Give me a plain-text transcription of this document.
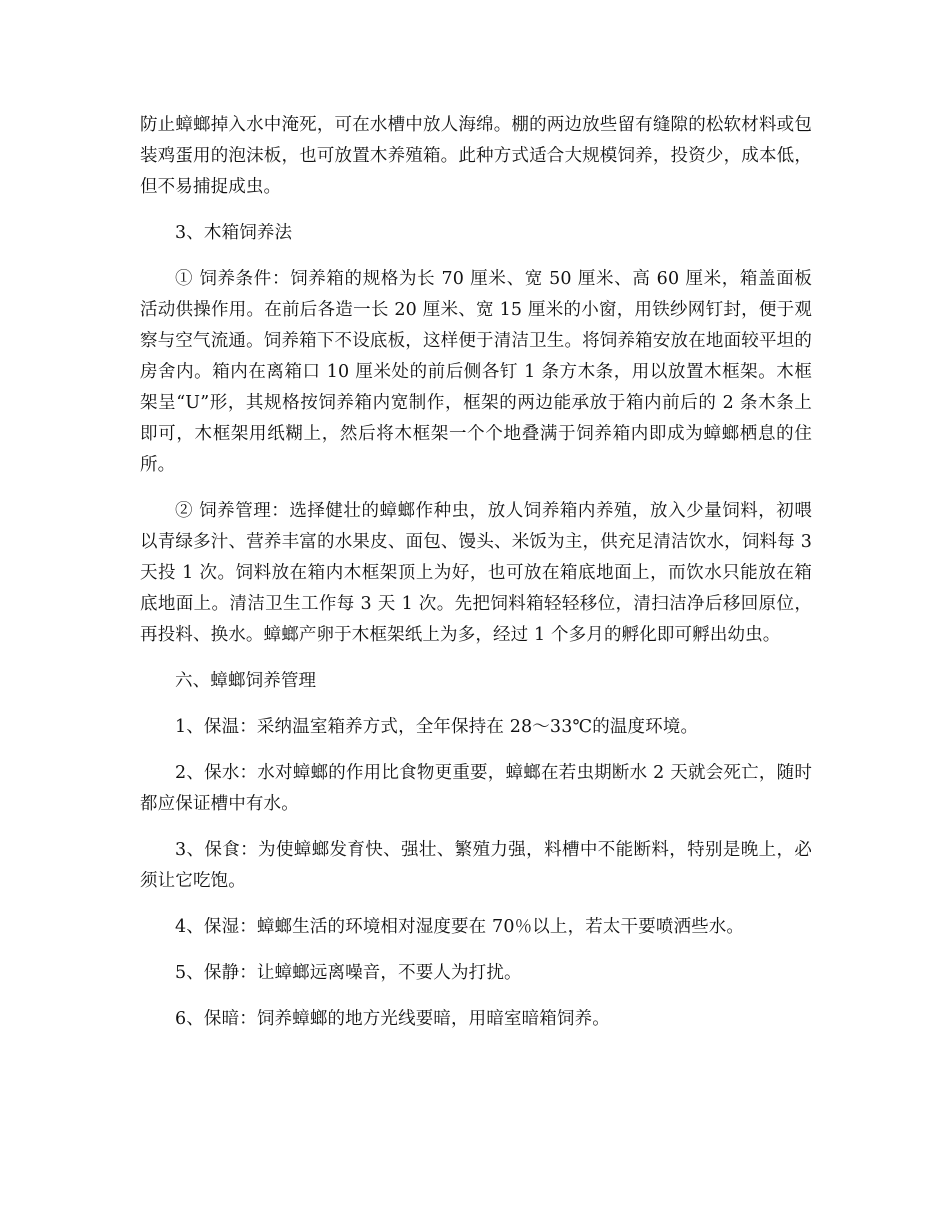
防止蟑螂掉入水中淹死，可在水槽中放人海绵。棚的两边放些留有缝隙的松软材料或包装鸡蛋用的泡沫板，也可放置木养殖箱。此种方式适合大规模饲养，投资少，成本低，但不易捕捉成虫。

3、木箱饲养法

① 饲养条件：饲养箱的规格为长 70 厘米、宽 50 厘米、高 60 厘米，箱盖面板活动供操作用。在前后各造一长 20 厘米、宽 15 厘米的小窗，用铁纱网钉封，便于观察与空气流通。饲养箱下不设底板，这样便于清洁卫生。将饲养箱安放在地面较平坦的房舍内。箱内在离箱口 10 厘米处的前后侧各钉 1 条方木条，用以放置木框架。木框架呈“U”形，其规格按饲养箱内宽制作，框架的两边能承放于箱内前后的 2 条木条上即可，木框架用纸糊上，然后将木框架一个个地叠满于饲养箱内即成为蟑螂栖息的住所。

② 饲养管理：选择健壮的蟑螂作种虫，放人饲养箱内养殖，放入少量饲料，初喂以青绿多汁、营养丰富的水果皮、面包、馒头、米饭为主，供充足清洁饮水，饲料每 3 天投 1 次。饲料放在箱内木框架顶上为好，也可放在箱底地面上，而饮水只能放在箱底地面上。清洁卫生工作每 3 天 1 次。先把饲料箱轻轻移位，清扫洁净后移回原位，再投料、换水。蟑螂产卵于木框架纸上为多，经过 1 个多月的孵化即可孵出幼虫。

六、蟑螂饲养管理

1、保温：采纳温室箱养方式，全年保持在 28～33℃的温度环境。

2、保水：水对蟑螂的作用比食物更重要，蟑螂在若虫期断水 2 天就会死亡，随时都应保证槽中有水。

3、保食：为使蟑螂发育快、强壮、繁殖力强，料槽中不能断料，特别是晚上，必须让它吃饱。

4、保湿：蟑螂生活的环境相对湿度要在 70％以上，若太干要喷洒些水。

5、保静：让蟑螂远离噪音，不要人为打扰。

6、保暗：饲养蟑螂的地方光线要暗，用暗室暗箱饲养。
